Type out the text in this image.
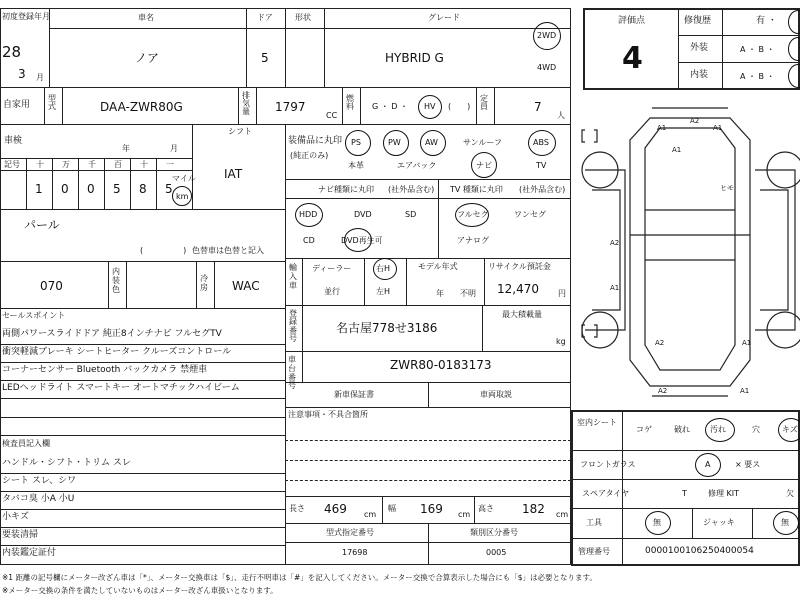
初度登録年月
28
3 月
車名
ノア
ドア
5
形状	グレード
HYBRID G
2WD
4WD
評価点
4
修復歴	有 ・
外装	A ・ B ・
内装	A ・ B ・
自家用
型式	DAA-ZWR80G
排気量 1797
CC
燃料 G ・ D ・ HV (　　)
定員	7
人
車検
年	月
シフト
IAT
記号 十 万 千 百 十 一
1 0 0 5 8 5
マイル
km
装備品に丸印
(純正のみ)
PS	PW	AW	サンルーフ	ABS
本革	エアバック	ナビ	TV
ナビ種類に丸印 (社外品含む)
HDD	DVD	SD
CD	DVD再生可
TV 種類に丸印 (社外品含む)
フルセグ	ワンセグ
アナログ
パール
(　　　　　) 色替車は色替と記入
070
内装色
冷房 WAC
輸入車
ディーラー
並行
右H
左H
モデル年式
年 不明
リサイクル預託金
12,470 円
セールスポイント
両側パワースライドドア 純正8インチナビ フルセグTV
衝突軽減ブレーキ シートヒーター クルーズコントロール
コーナーセンサー Bluetooth バックカメラ 禁煙車
LEDヘッドライト スマートキー オートマチックハイビーム
登録番号
名古屋778せ3186
最大積載量
kg
車台番号
ZWR80-0183173
新車保証書	車両取説
注意事項・不具合箇所
検査員記入欄
ハンドル・シフト・トリム スレ
シート スレ、シワ
タバコ臭 小A 小U
小キズ
要装清掃
内装鑑定証付
長さ 469 cm
幅 169 cm
高さ 182 cm
型式指定番号
17698
類別区分番号
0005
A1	A1
A2
A2
A1
A2	A1
A2	A1
A1
ヒモ
室内シート
コゲ	破れ	汚れ	穴	キズ
フロントガラス	A	× 要ス
スペアタイヤ	T	修理 KIT	欠
工具	無	ジャッキ	無
管理番号	0000100106250400054
※1 距離の記号欄にメーター改ざん車は「*」、メーター交換車は「$」、走行不明車は「#」を記入してください。メーター交換で合算表示した場合にも「$」は必要となります。
※メーター交換の条件を満たしていないものはメーター改ざん車扱いとなります。
